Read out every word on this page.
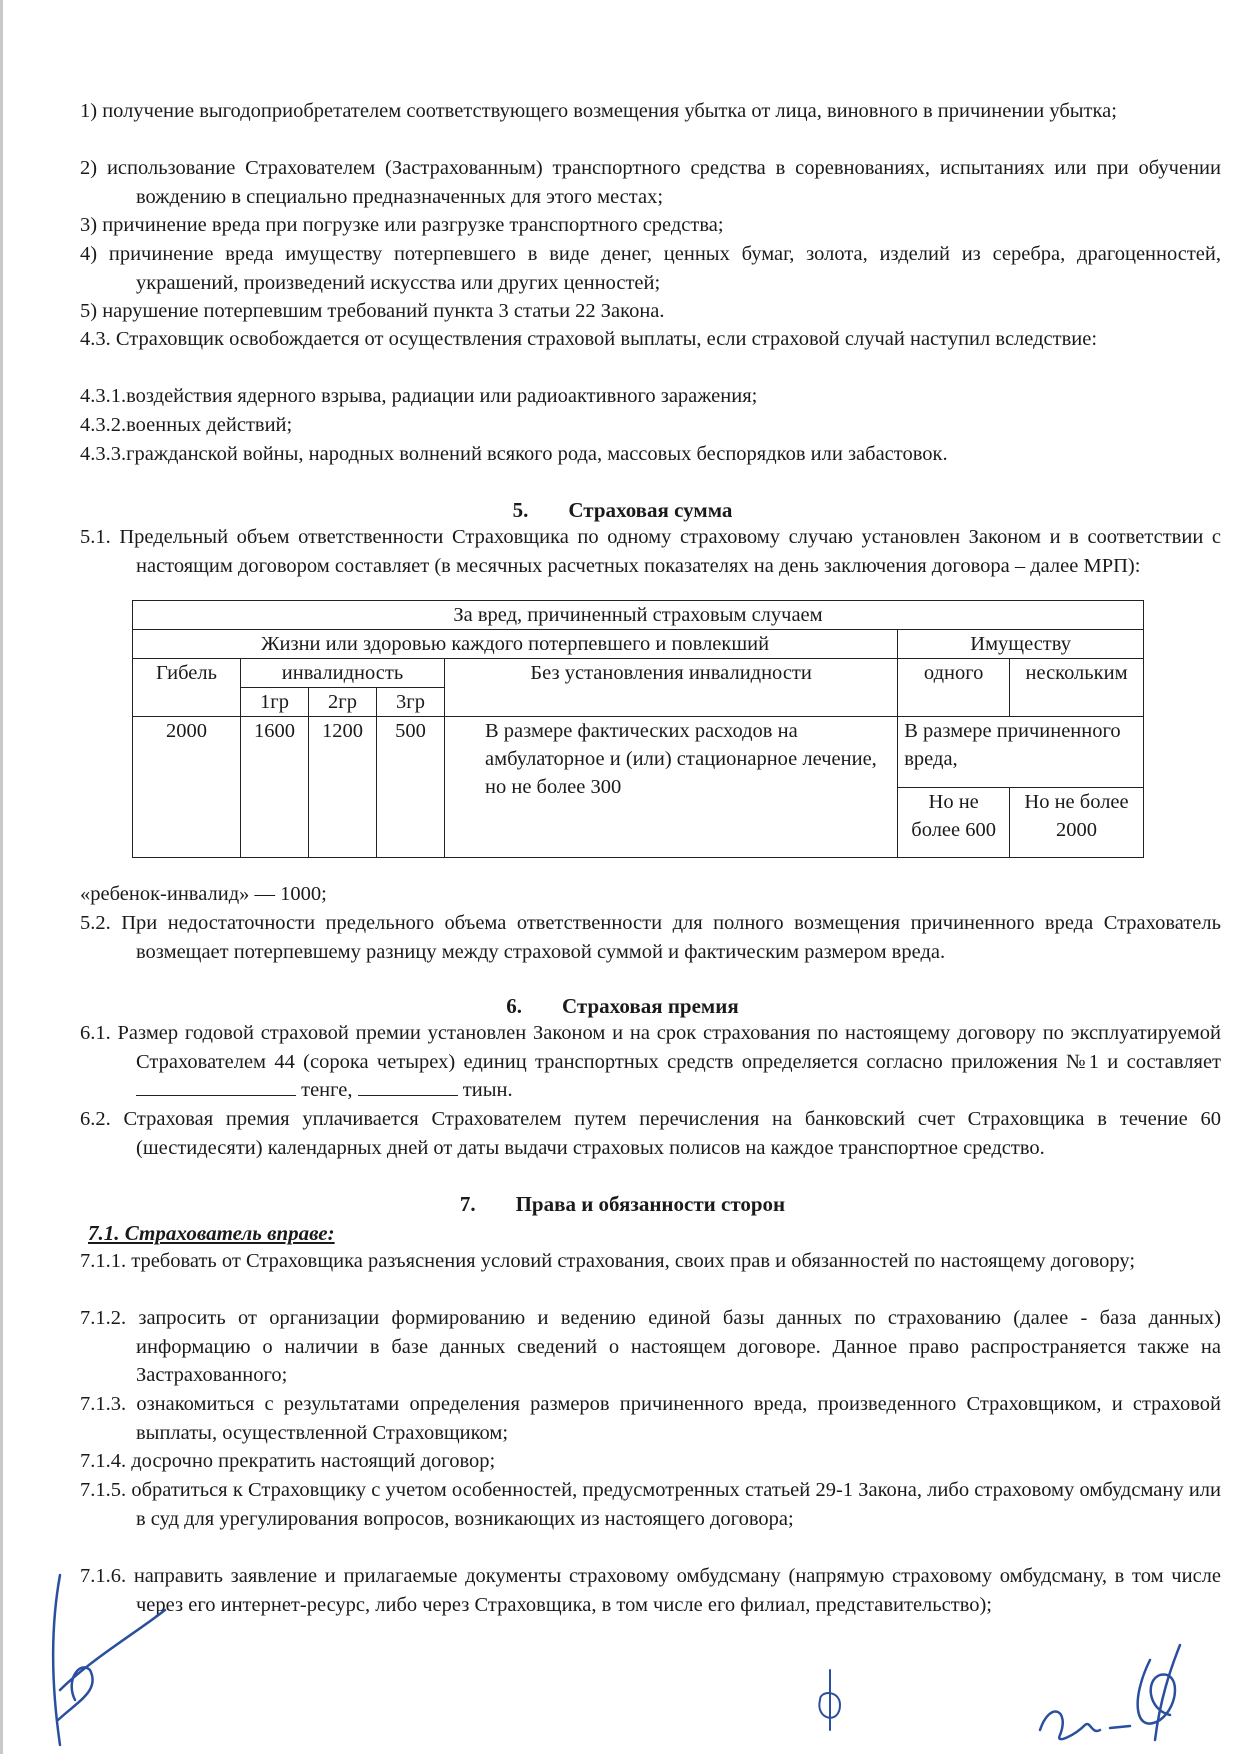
1) получение выгодоприобретателем соответствующего возмещения убытка от лица, виновного в причинении убытка;

2) использование Страхователем (Застрахованным) транспортного средства в соревнованиях, испытаниях или при обучении вождению в специально предназначенных для этого местах;

3) причинение вреда при погрузке или разгрузке транспортного средства;

4) причинение вреда имуществу потерпевшего в виде денег, ценных бумаг, золота, изделий из серебра, драгоценностей, украшений, произведений искусства или других ценностей;

5) нарушение потерпевшим требований пункта 3 статьи 22 Закона.

4.3. Страховщик освобождается от осуществления страховой выплаты, если страховой случай наступил вследствие:

4.3.1.воздействия ядерного взрыва, радиации или радиоактивного заражения;

4.3.2.военных действий;

4.3.3.гражданской войны, народных волнений всякого рода, массовых беспорядков или забастовок.

5. Страховая сумма

5.1. Предельный объем ответственности Страховщика по одному страховому случаю установлен Законом и в соответствии с настоящим договором составляет (в месячных расчетных показателях на день заключения договора – далее МРП):

За вред, причиненный страховым случаем						
Жизни или здоровью каждого потерпевшего и повлекший					Имуществу	
Гибель	инвалидность			Без установления инвалидности	одного	нескольким
	1гр	2гр	3гр			
2000	1600	1200	500	В размере фактических расходов на амбулаторное и (или) стационарное лечение, но не более 300	В размере причиненного вреда,	
					Но не более 600	Но не более 2000

«ребенок-инвалид» — 1000;

5.2. При недостаточности предельного объема ответственности для полного возмещения причиненного вреда Страхователь возмещает потерпевшему разницу между страховой суммой и фактическим размером вреда.

6. Страховая премия

6.1. Размер годовой страховой премии установлен Законом и на срок страхования по настоящему договору по эксплуатируемой Страхователем 44 (сорока четырех) единиц транспортных средств определяется согласно приложения №1 и составляет тенге,	тиын.

6.2. Страховая премия уплачивается Страхователем путем перечисления на банковский счет Страховщика в течение 60 (шестидесяти) календарных дней от даты выдачи страховых полисов на каждое транспортное средство.

7. Права и обязанности сторон

7.1. Страхователь вправе:

7.1.1. требовать от Страховщика разъяснения условий страхования, своих прав и обязанностей по настоящему договору;

7.1.2. запросить от организации формированию и ведению единой базы данных по страхованию (далее - база данных) информацию о наличии в базе данных сведений о настоящем договоре. Данное право распространяется также на Застрахованного;

7.1.3. ознакомиться с результатами определения размеров причиненного вреда, произведенного Страховщиком, и страховой выплаты, осуществленной Страховщиком;

7.1.4. досрочно прекратить настоящий договор;

7.1.5. обратиться к Страховщику с учетом особенностей, предусмотренных статьей 29-1 Закона, либо страховому омбудсману или в суд для урегулирования вопросов, возникающих из настоящего договора;

7.1.6. направить заявление и прилагаемые документы страховому омбудсману (напрямую страховому омбудсману, в том числе через его интернет-ресурс, либо через Страховщика, в том числе его филиал, представительство);
